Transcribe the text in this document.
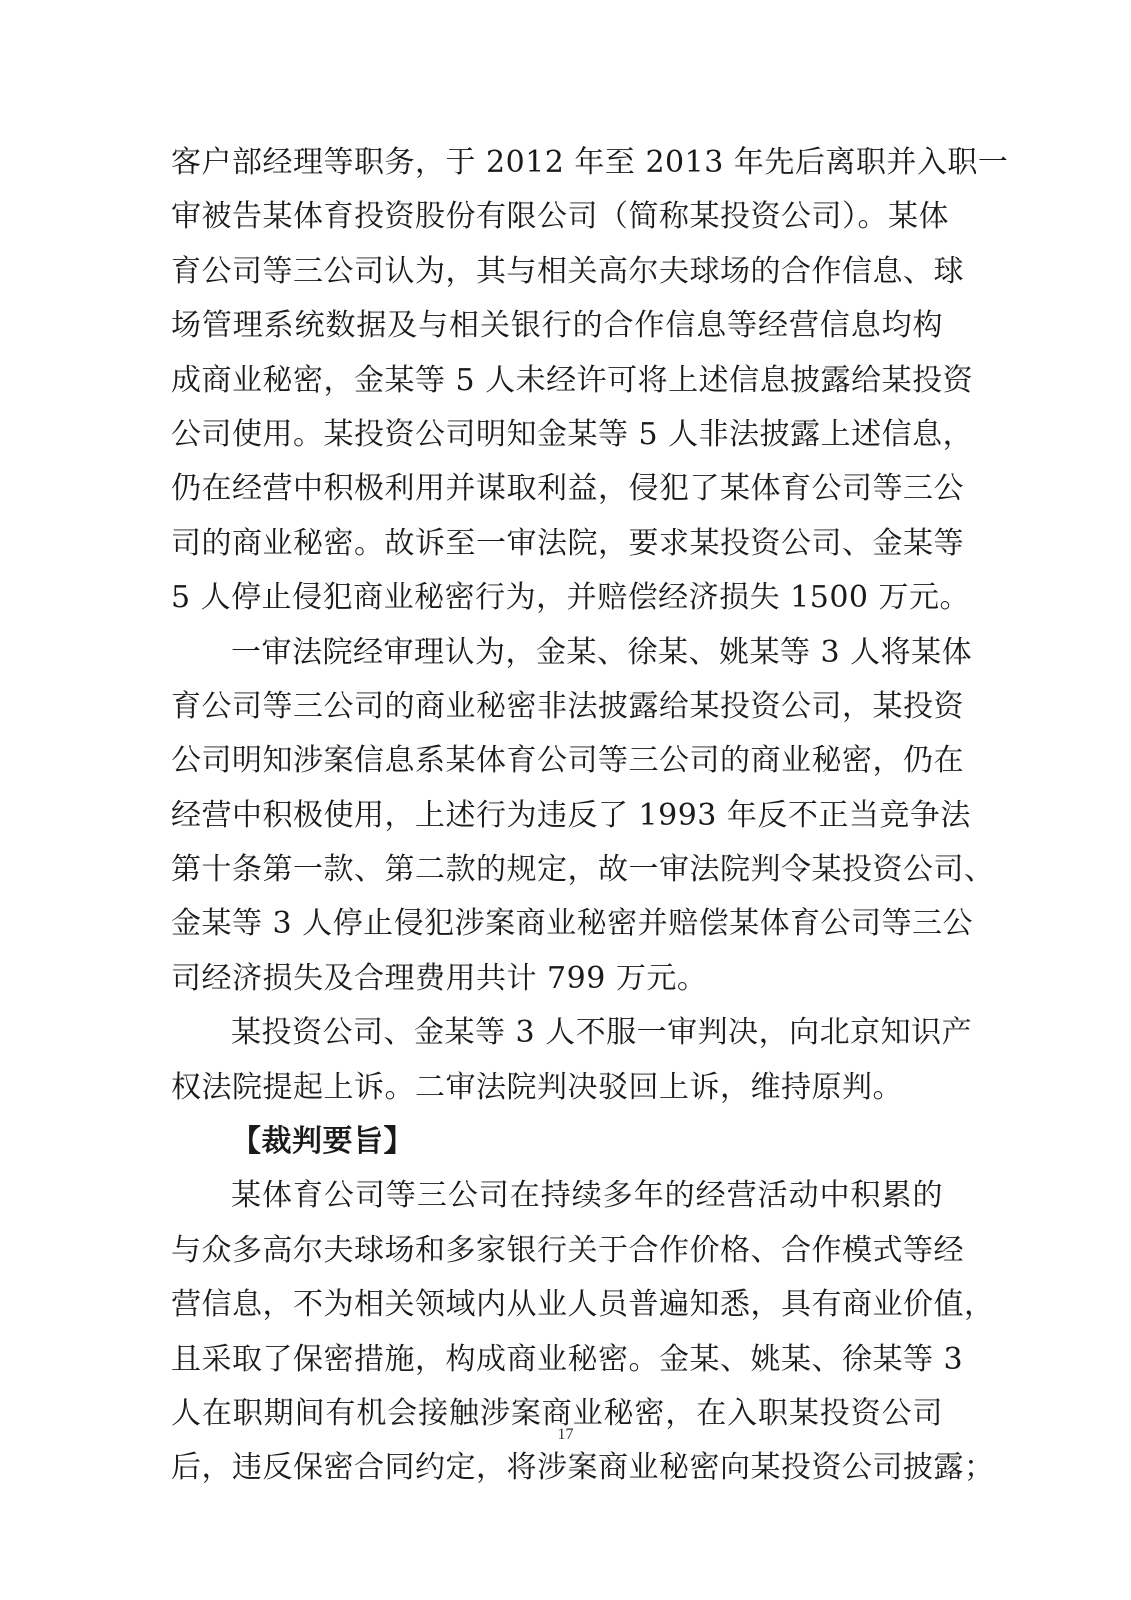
客户部经理等职务，于 2012 年至 2013 年先后离职并入职一
审被告某体育投资股份有限公司（简称某投资公司）。某体
育公司等三公司认为，其与相关高尔夫球场的合作信息、球
场管理系统数据及与相关银行的合作信息等经营信息均构
成商业秘密，金某等 5 人未经许可将上述信息披露给某投资
公司使用。某投资公司明知金某等 5 人非法披露上述信息，
仍在经营中积极利用并谋取利益，侵犯了某体育公司等三公
司的商业秘密。故诉至一审法院，要求某投资公司、金某等
5 人停止侵犯商业秘密行为，并赔偿经济损失 1500 万元。
一审法院经审理认为，金某、徐某、姚某等 3 人将某体
育公司等三公司的商业秘密非法披露给某投资公司，某投资
公司明知涉案信息系某体育公司等三公司的商业秘密，仍在
经营中积极使用，上述行为违反了 1993 年反不正当竞争法
第十条第一款、第二款的规定，故一审法院判令某投资公司、
金某等 3 人停止侵犯涉案商业秘密并赔偿某体育公司等三公
司经济损失及合理费用共计 799 万元。
某投资公司、金某等 3 人不服一审判决，向北京知识产
权法院提起上诉。二审法院判决驳回上诉，维持原判。
【裁判要旨】
某体育公司等三公司在持续多年的经营活动中积累的
与众多高尔夫球场和多家银行关于合作价格、合作模式等经
营信息，不为相关领域内从业人员普遍知悉，具有商业价值，
且采取了保密措施，构成商业秘密。金某、姚某、徐某等 3
人在职期间有机会接触涉案商业秘密，在入职某投资公司
后，违反保密合同约定，将涉案商业秘密向某投资公司披露；
17
